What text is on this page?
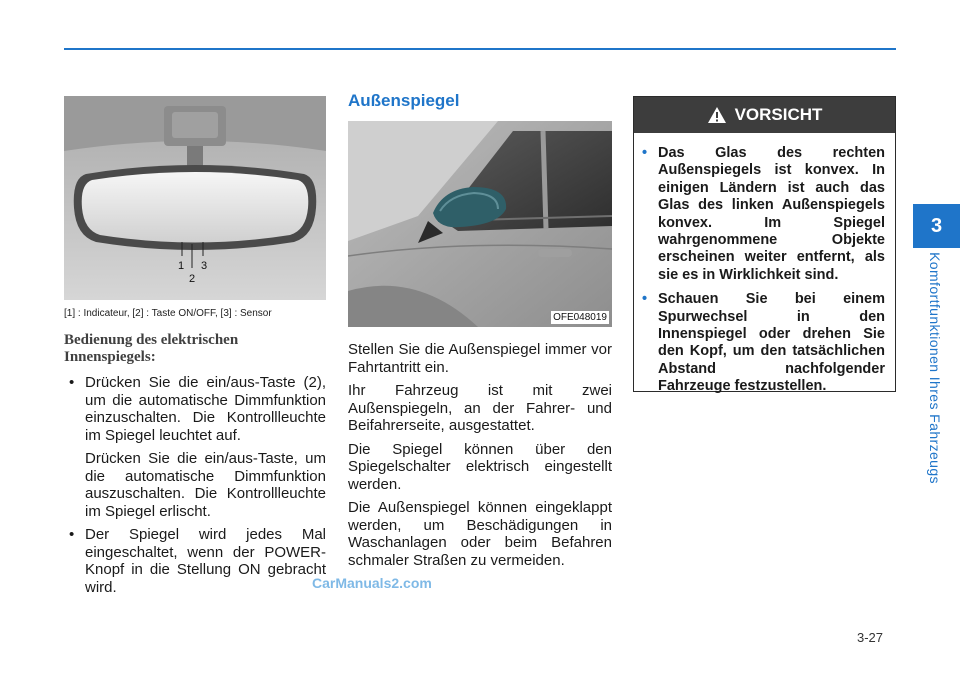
3
Komfortfunktionen Ihres Fahrzeugs
1
2
3
[1] : Indicateur, [2] : Taste ON/OFF, [3] : Sensor
Bedienung des elektrischen
Innenspiegels:
• Drücken Sie die ein/aus-Taste (2), um die automatische Dimmfunktion einzuschalten. Die Kontrollleuchte im Spiegel leuchtet auf.

Drücken Sie die ein/aus-Taste, um die automatische Dimmfunktion auszuschalten. Die Kontrollleuchte im Spiegel erlischt.

• Der Spiegel wird jedes Mal eingeschaltet, wenn der POWER-Knopf in die Stellung ON gebracht wird.
Außenspiegel
OFE048019

Stellen Sie die Außenspiegel immer vor Fahrtantritt ein.

Ihr Fahrzeug ist mit zwei Außenspiegeln, an der Fahrer- und Beifahrerseite, ausgestattet.

Die Spiegel können über den Spiegelschalter elektrisch eingestellt werden.

Die Außenspiegel können eingeklappt werden, um Beschädigungen in Waschanlagen oder beim Befahren schmaler Straßen zu vermeiden.

VORSICHT
• Das Glas des rechten Außenspiegels ist konvex. In einigen Ländern ist auch das Glas des linken Außenspiegels konvex. Im Spiegel wahrgenommene Objekte erscheinen weiter entfernt, als sie es in Wirklichkeit sind.
• Schauen Sie bei einem Spurwechsel in den Innenspiegel oder drehen Sie den Kopf, um den tatsächlichen Abstand nachfolgender Fahrzeuge festzustellen.
CarManuals2.com
3-27
